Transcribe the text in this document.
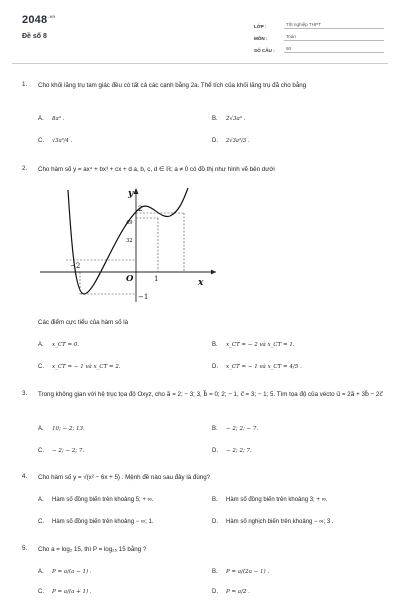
$2048^{.vn}$
Đề số 8
LỚP :	Tốt nghiệp THPT
MÔN :	Toán
SỐ CÂU :	50
1. Cho khối lăng trụ tam giác đều có tất cả các cạnh bằng 2a. Thể tích của khối lăng trụ đã cho bằng
A.	8a³ .	B.	2√3a³ .
C.	√3a³/4 .	D.	2√3a³/3 .
2. Cho hàm số y = ax⁴ + bx³ + cx + d a, b, c, d ∈ ℝ; a ≠ 0 có đồ thị như hình vẽ bên dưới
y
x
O	1
2
−2
49
32
−1
Các điểm cực tiểu của hàm số là
A.	x_CT = 0.	B.	x_CT = − 2 và x_CT = 1.
C.	x_CT = − 1 và x_CT = 2.	D.	x_CT = − 1 và x_CT = 4/5 .
3. Trong không gian với hệ trục tọa độ Oxyz, cho a⃗ = 2; − 3; 3, b⃗ = 0; 2; − 1, c⃗ = 3; − 1; 5. Tìm tọa độ của vécto u⃗ = 2a⃗ + 3b⃗ − 2c⃗
A.	10; − 2; 13.	B.	− 2; 2; − 7.
C.	− 2; − 2; 7.	D.	− 2; 2; 7.
4. Cho hàm số y = √(x² − 6x + 5) . Mệnh đề nào sau đây là đúng?
A.	Hàm số đồng biến trên khoảng 5; + ∞.	B.	Hàm số đồng biến trên khoảng 3; + ∞.
C.	Hàm số đồng biến trên khoảng − ∞; 1.	D.	Hàm số nghịch biến trên khoảng − ∞; 3 .
5. Cho a = log₂ 15, thì P = log₂₅ 15 bằng ?
A.	P = a/(a − 1) .	B.	P = a/(2a − 1) .
C.	P = a/(a + 1) .	D.	P = a/2 .
